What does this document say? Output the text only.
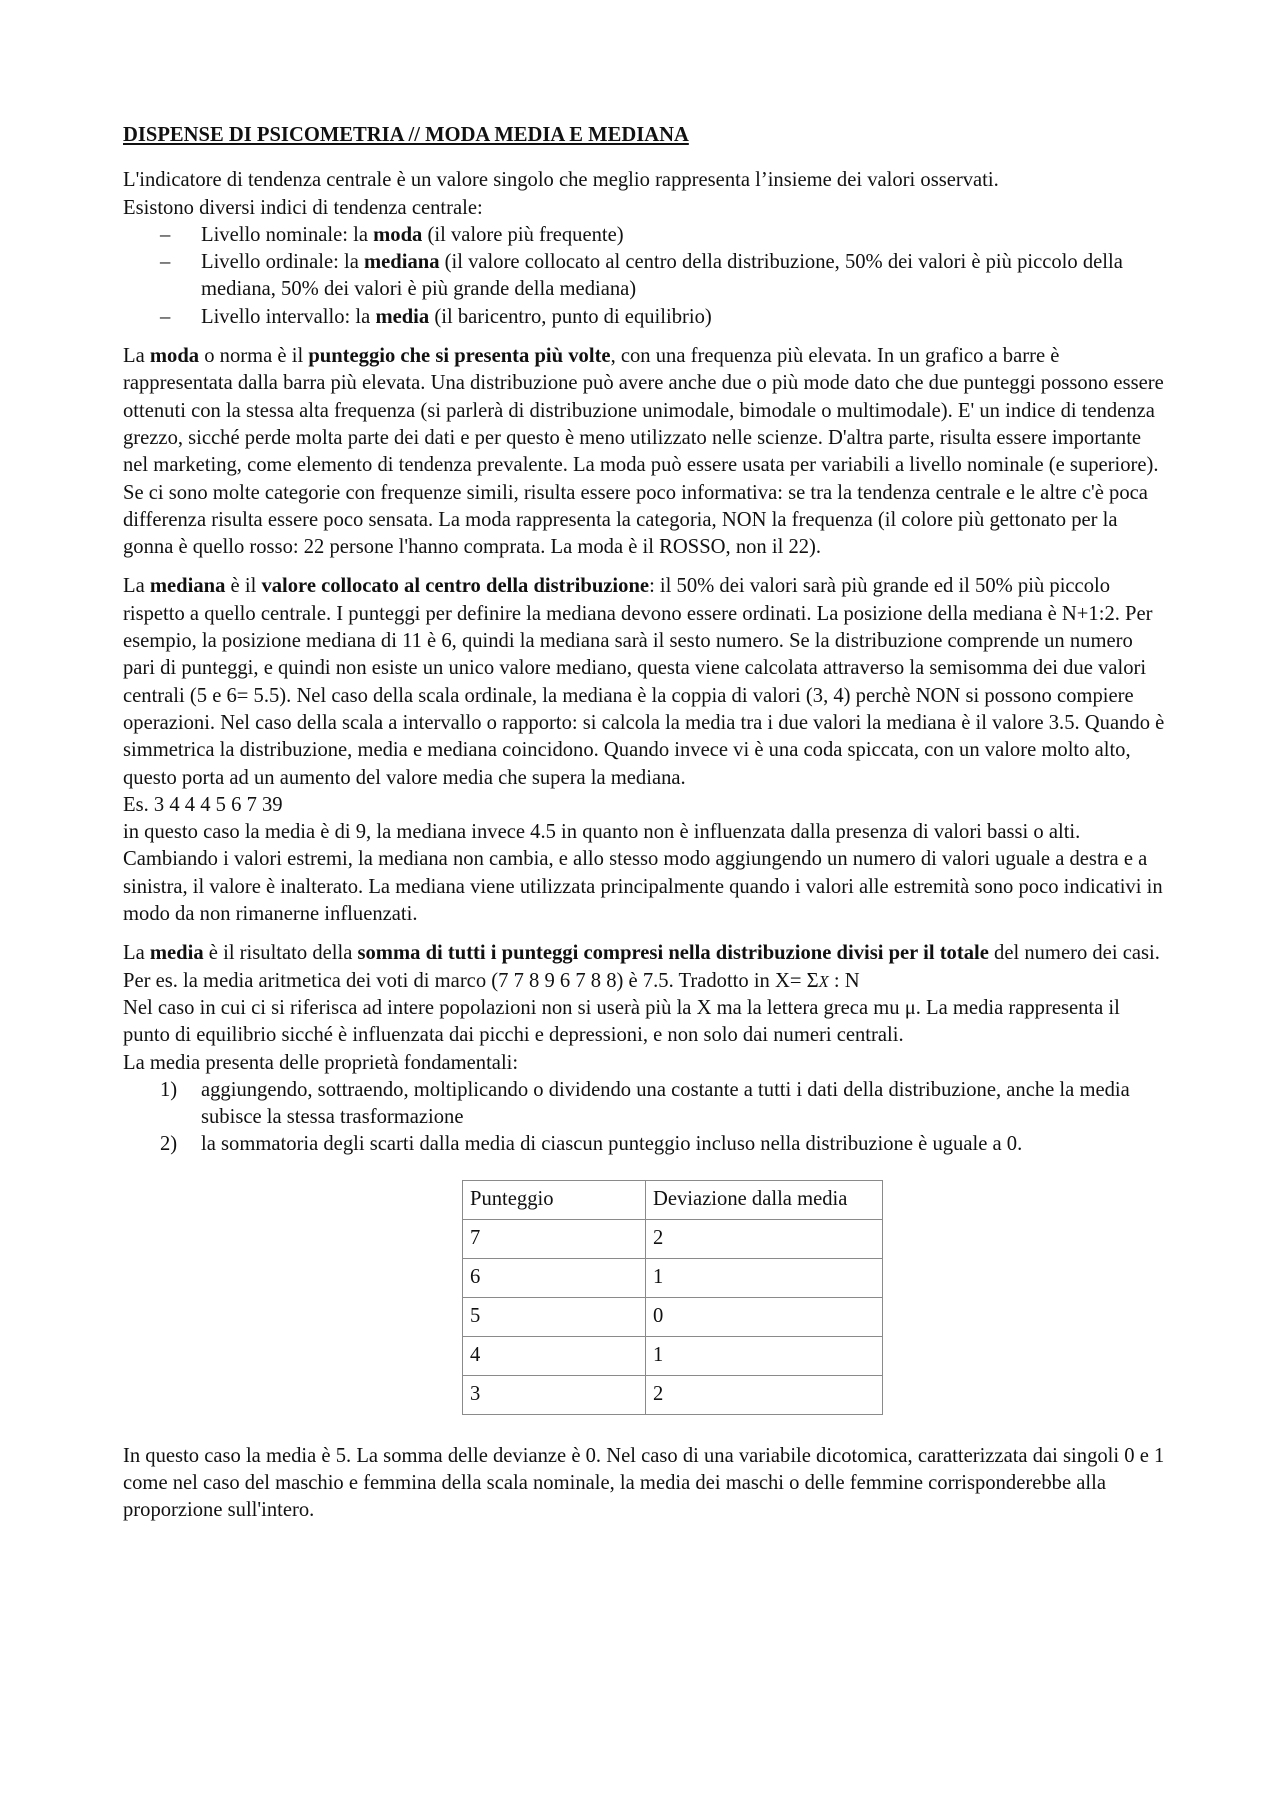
DISPENSE DI PSICOMETRIA // MODA MEDIA E MEDIANA

L'indicatore di tendenza centrale è un valore singolo che meglio rappresenta l’insieme dei valori osservati.

Esistono diversi indici di tendenza centrale:

– Livello nominale: la moda (il valore più frequente)
– Livello ordinale: la mediana (il valore collocato al centro della distribuzione, 50% dei valori è più piccolo della mediana, 50% dei valori è più grande della mediana)
– Livello intervallo: la media (il baricentro, punto di equilibrio)

La moda o norma è il punteggio che si presenta più volte, con una frequenza più elevata. In un grafico a barre è rappresentata dalla barra più elevata. Una distribuzione può avere anche due o più mode dato che due punteggi possono essere ottenuti con la stessa alta frequenza (si parlerà di distribuzione unimodale, bimodale o multimodale). E' un indice di tendenza grezzo, sicché perde molta parte dei dati e per questo è meno utilizzato nelle scienze. D'altra parte, risulta essere importante nel marketing, come elemento di tendenza prevalente. La moda può essere usata per variabili a livello nominale (e superiore). Se ci sono molte categorie con frequenze simili, risulta essere poco informativa: se tra la tendenza centrale e le altre c'è poca differenza risulta essere poco sensata. La moda rappresenta la categoria, NON la frequenza (il colore più gettonato per la gonna è quello rosso: 22 persone l'hanno comprata. La moda è il ROSSO, non il 22).

La mediana è il valore collocato al centro della distribuzione: il 50% dei valori sarà più grande ed il 50% più piccolo rispetto a quello centrale. I punteggi per definire la mediana devono essere ordinati. La posizione della mediana è N+1:2. Per esempio, la posizione mediana di 11 è 6, quindi la mediana sarà il sesto numero. Se la distribuzione comprende un numero pari di punteggi, e quindi non esiste un unico valore mediano, questa viene calcolata attraverso la semisomma dei due valori centrali (5 e 6= 5.5). Nel caso della scala ordinale, la mediana è la coppia di valori (3, 4) perchè NON si possono compiere operazioni. Nel caso della scala a intervallo o rapporto: si calcola la media tra i due valori la mediana è il valore 3.5. Quando è simmetrica la distribuzione, media e mediana coincidono. Quando invece vi è una coda spiccata, con un valore molto alto, questo porta ad un aumento del valore media che supera la mediana.

Es. 3 4 4 4 5 6 7 39

in questo caso la media è di 9, la mediana invece 4.5 in quanto non è influenzata dalla presenza di valori bassi o alti. Cambiando i valori estremi, la mediana non cambia, e allo stesso modo aggiungendo un numero di valori uguale a destra e a sinistra, il valore è inalterato. La mediana viene utilizzata principalmente quando i valori alle estremità sono poco indicativi in modo da non rimanerne influenzati.

La media è il risultato della somma di tutti i punteggi compresi nella distribuzione divisi per il totale del numero dei casi. Per es. la media aritmetica dei voti di marco (7 7 8 9 6 7 8 8) è 7.5. Tradotto in X= ΣX : N

Nel caso in cui ci si riferisca ad intere popolazioni non si userà più la X ma la lettera greca mu μ. La media rappresenta il punto di equilibrio sicché è influenzata dai picchi e depressioni, e non solo dai numeri centrali.

La media presenta delle proprietà fondamentali:

1) aggiungendo, sottraendo, moltiplicando o dividendo una costante a tutti i dati della distribuzione, anche la media subisce la stessa trasformazione
2) la sommatoria degli scarti dalla media di ciascun punteggio incluso nella distribuzione è uguale a 0.
Punteggio	Deviazione dalla media
7	2
6	1
5	0
4	1
3	2

In questo caso la media è 5. La somma delle devianze è 0. Nel caso di una variabile dicotomica, caratterizzata dai singoli 0 e 1 come nel caso del maschio e femmina della scala nominale, la media dei maschi o delle femmine corrisponderebbe alla proporzione sull'intero.
